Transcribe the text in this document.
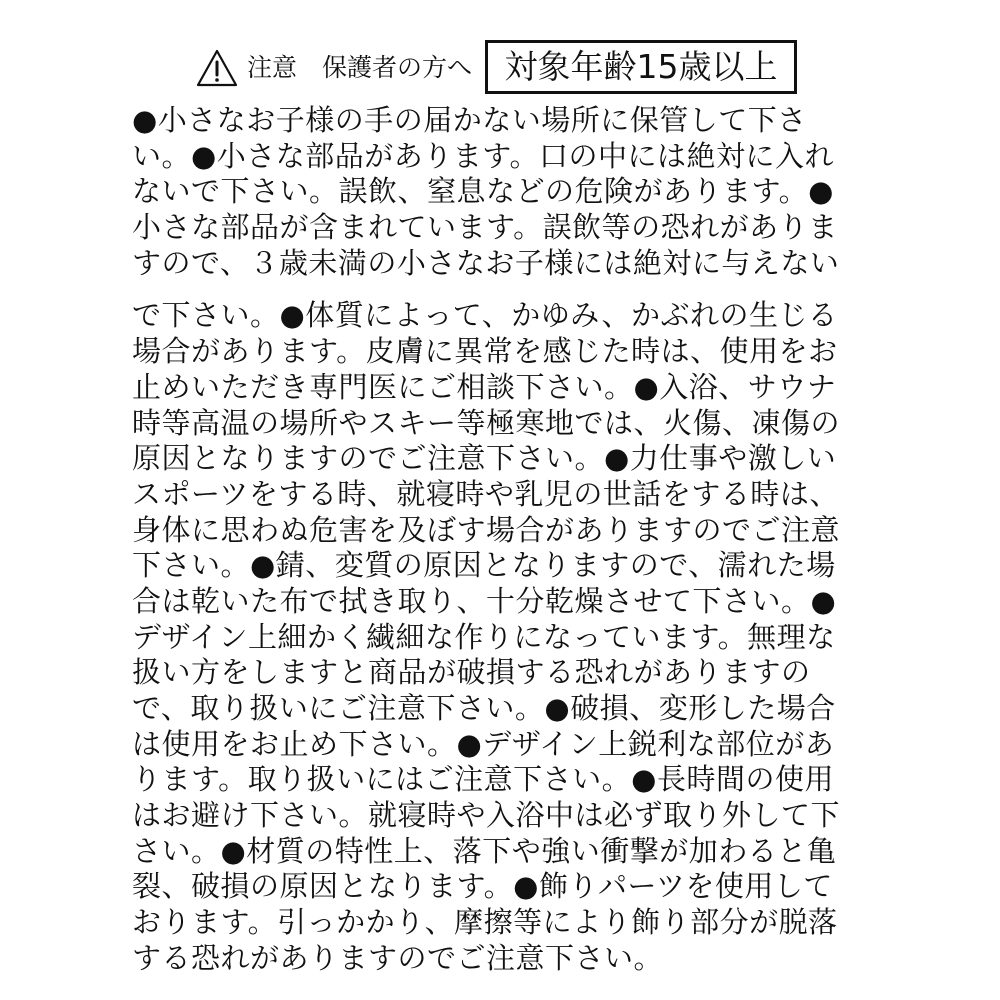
注意　保護者の方へ 対象年齢15歳以上
●小さなお子様の手の届かない場所に保管して下さ
い。●小さな部品があります。口の中には絶対に入れ
ないで下さい。誤飲、窒息などの危険があります。●
小さな部品が含まれています。誤飲等の恐れがありま
すので、３歳未満の小さなお子様には絶対に与えない
で下さい。●体質によって、かゆみ、かぶれの生じる
場合があります。皮膚に異常を感じた時は、使用をお
止めいただき専門医にご相談下さい。●入浴、サウナ
時等高温の場所やスキー等極寒地では、火傷、凍傷の
原因となりますのでご注意下さい。●力仕事や激しい
スポーツをする時、就寝時や乳児の世話をする時は、
身体に思わぬ危害を及ぼす場合がありますのでご注意
下さい。●錆、変質の原因となりますので、濡れた場
合は乾いた布で拭き取り、十分乾燥させて下さい。●
デザイン上細かく繊細な作りになっています。無理な
扱い方をしますと商品が破損する恐れがありますの
で、取り扱いにご注意下さい。●破損、変形した場合
は使用をお止め下さい。●デザイン上鋭利な部位があ
ります。取り扱いにはご注意下さい。●長時間の使用
はお避け下さい。就寝時や入浴中は必ず取り外して下
さい。●材質の特性上、落下や強い衝撃が加わると亀
裂、破損の原因となります。●飾りパーツを使用して
おります。引っかかり、摩擦等により飾り部分が脱落
する恐れがありますのでご注意下さい。
